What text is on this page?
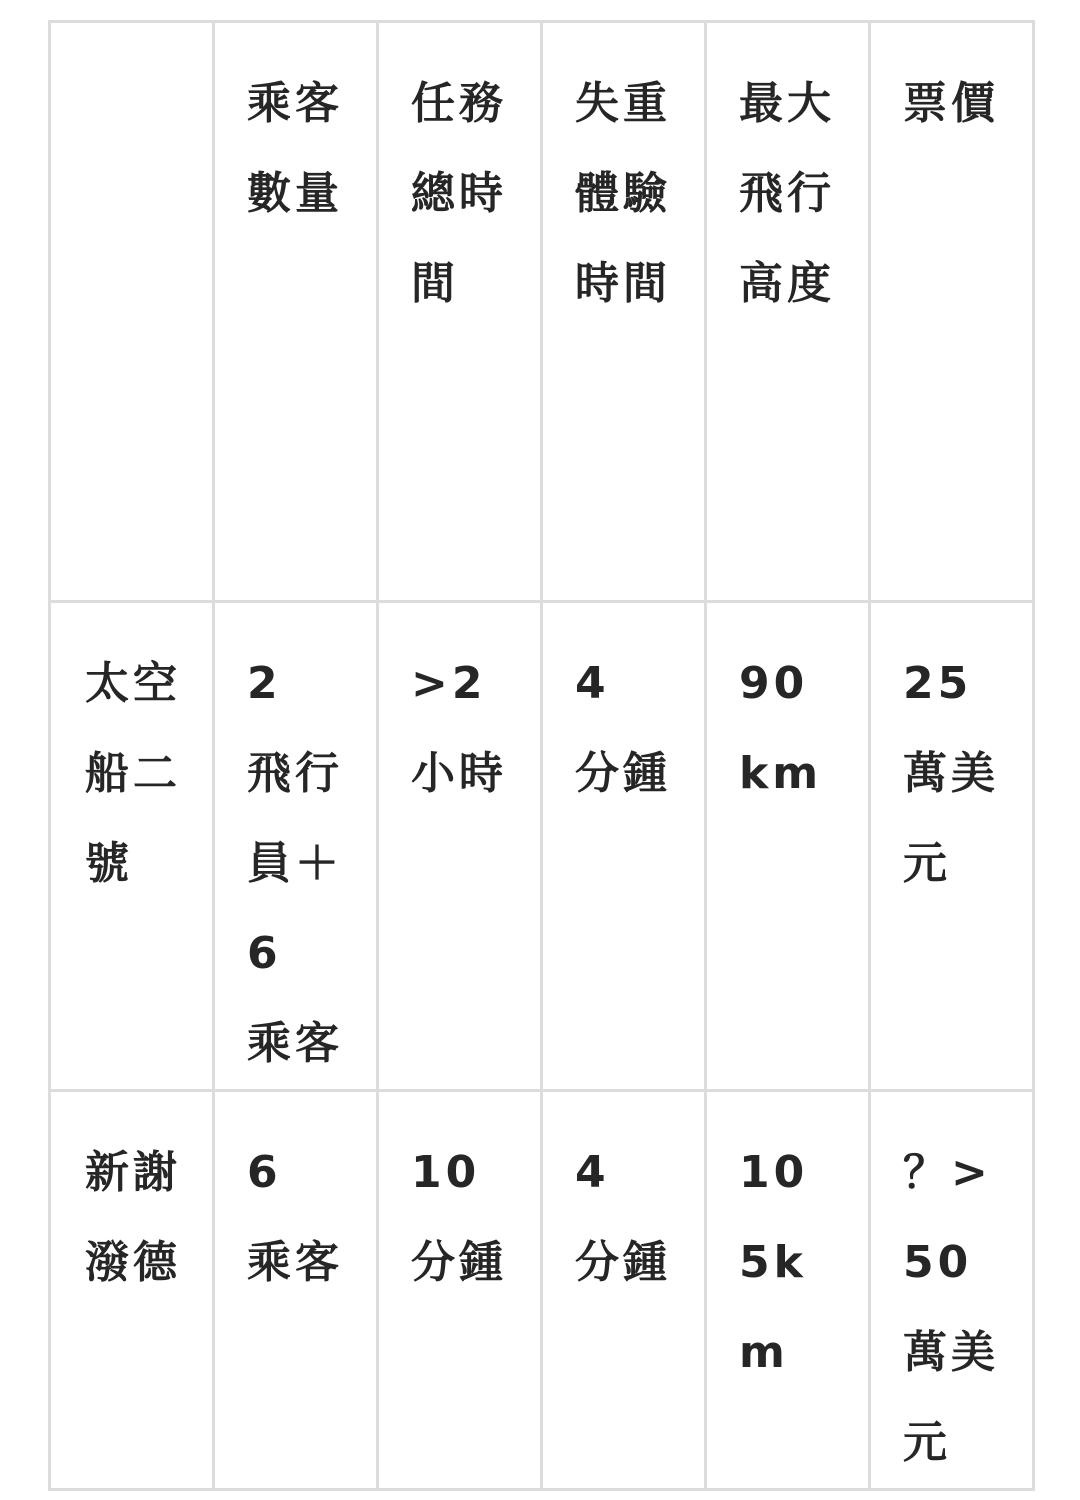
	乘客數量	任務總時間	失重體驗時間	最大飛行高度	票價
太空船二號	2 飛行員＋6 乘客	>2小時	4 分鍾	90km	25萬美元
新謝潑德	6 乘客	10分鍾	4 分鍾	105km	？>50萬美元
